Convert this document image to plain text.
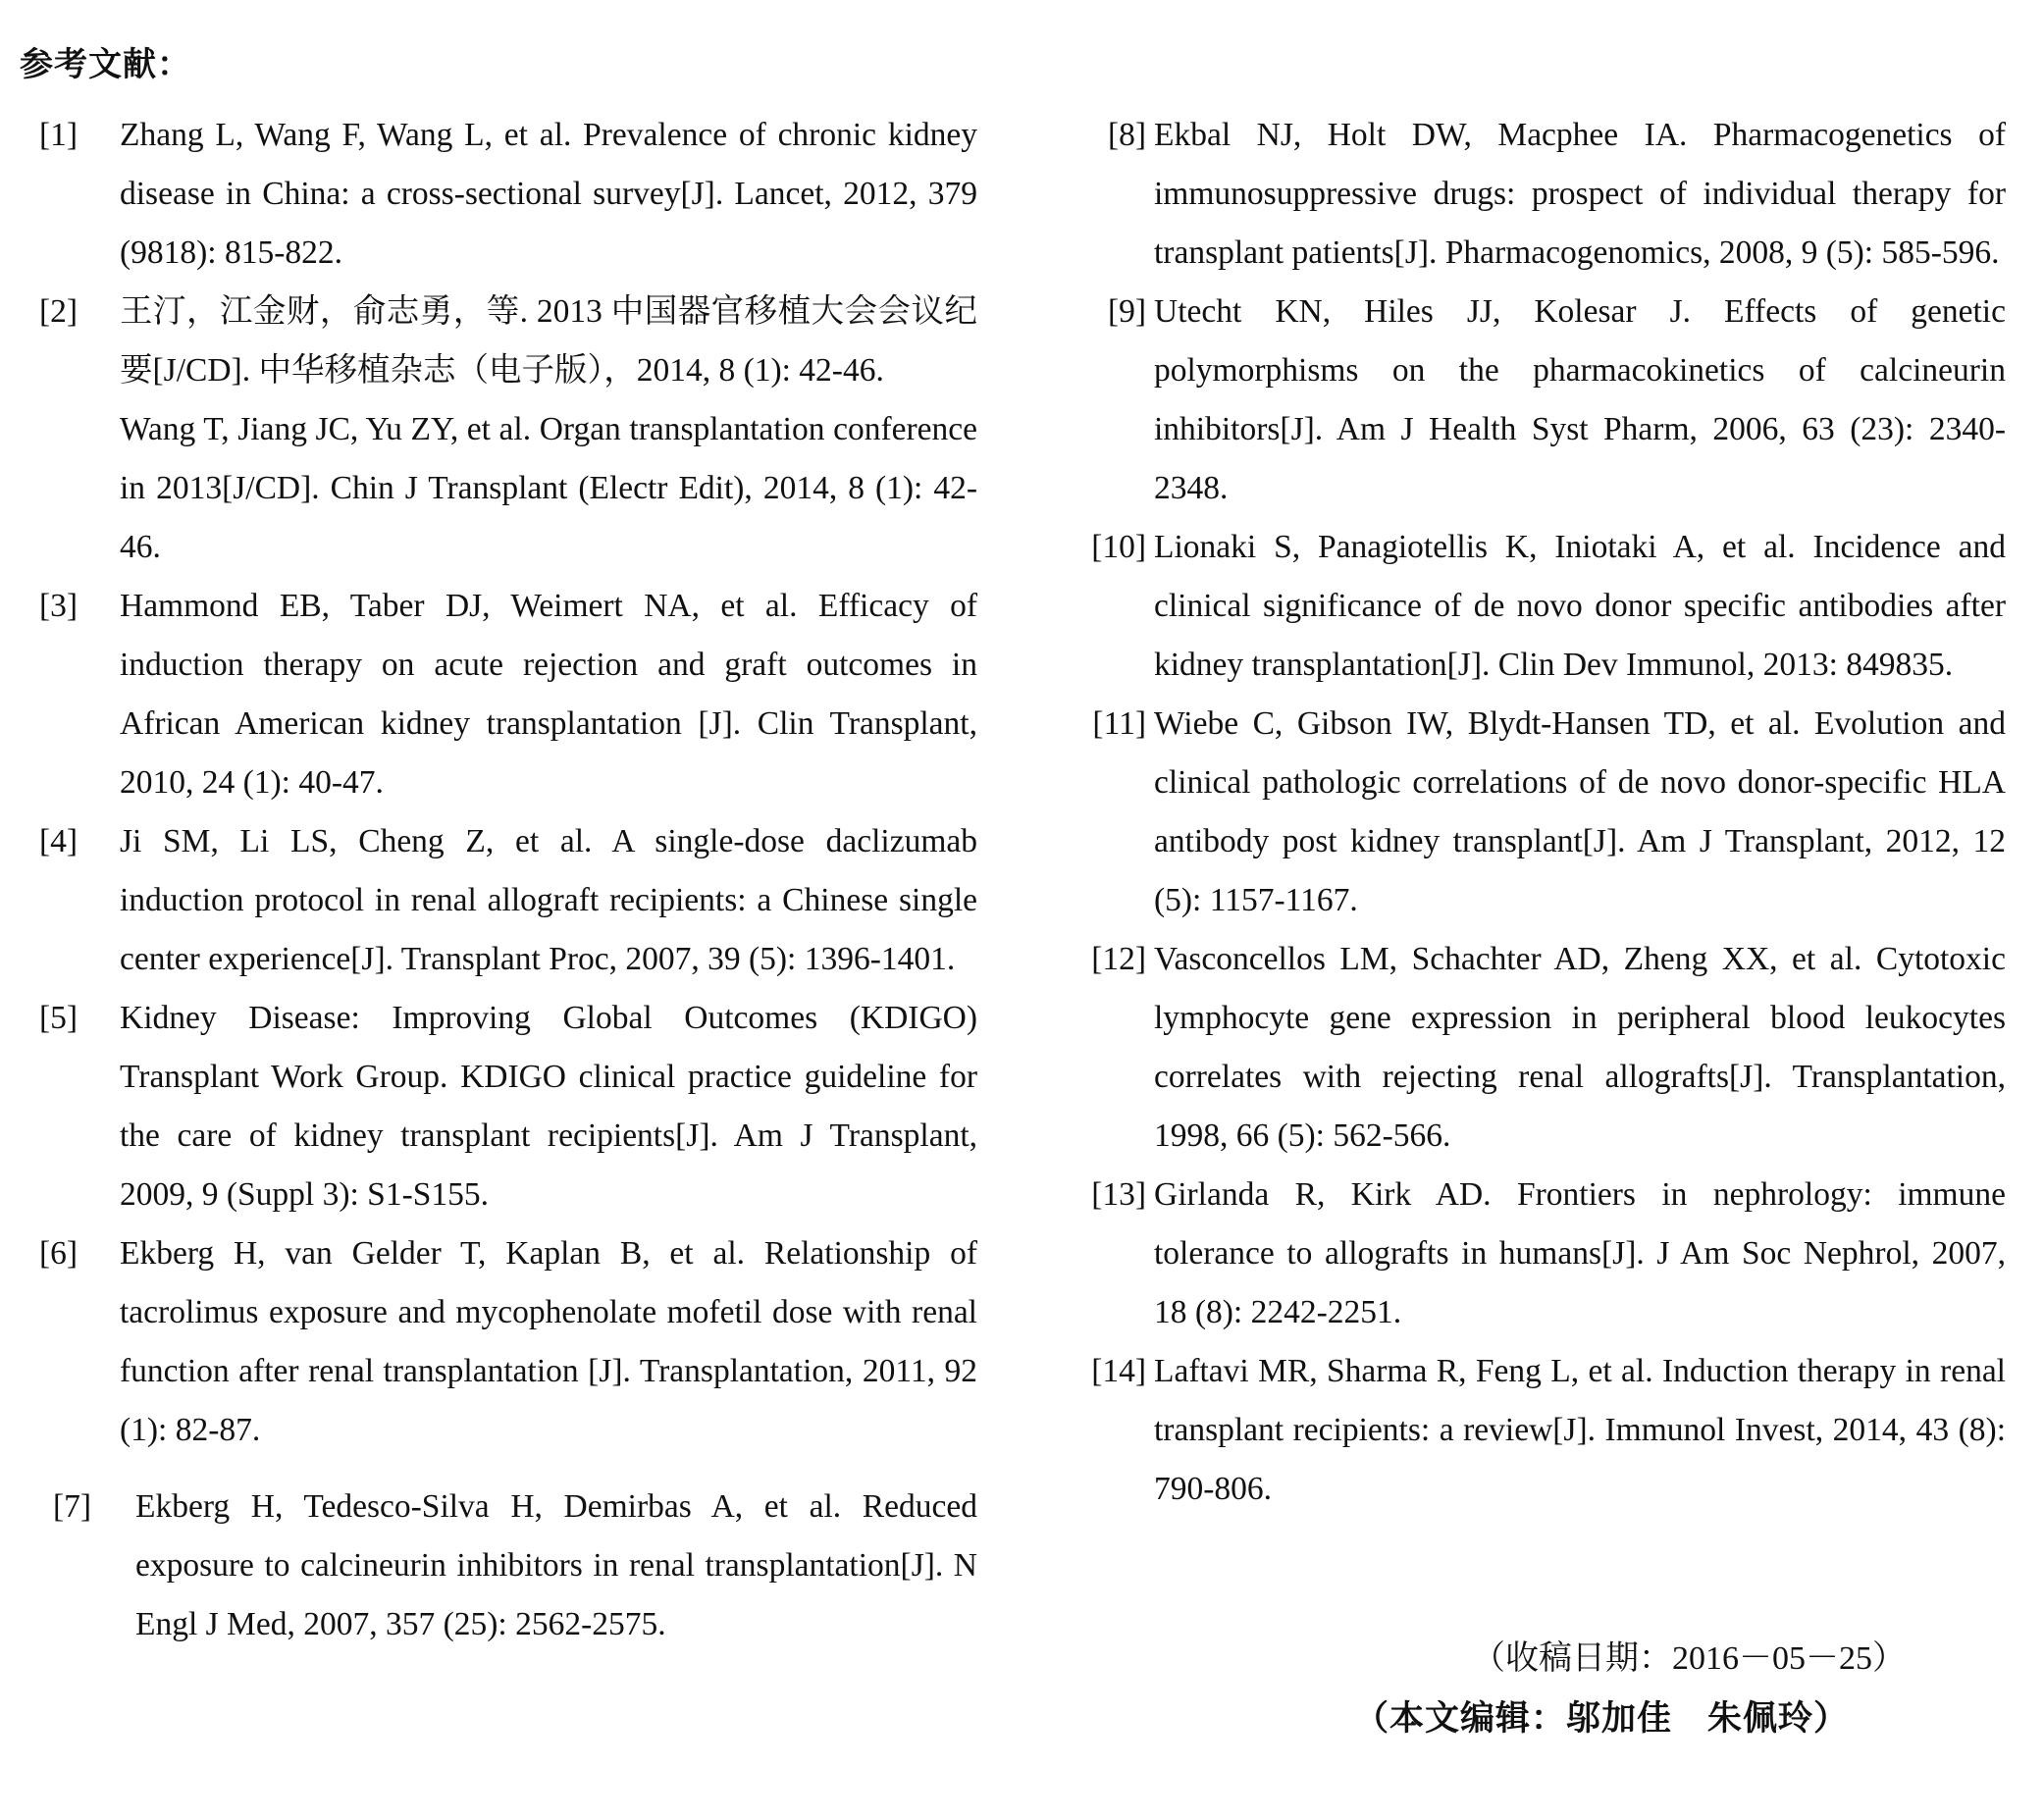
参考文献：
[1]	Zhang L, Wang F, Wang L, et al. Prevalence of chronic kidney disease in China: a cross-sectional survey[J]. Lancet, 2012, 379 (9818): 815-822.
[2]	王汀，江金财，俞志勇，等. 2013 中国器官移植大会会议纪要[J/CD]. 中华移植杂志（电子版），2014, 8 (1): 42-46.
Wang T, Jiang JC, Yu ZY, et al. Organ transplantation conference in 2013[J/CD]. Chin J Transplant (Electr Edit), 2014, 8 (1): 42-46.
[3]	Hammond EB, Taber DJ, Weimert NA, et al. Efficacy of induction therapy on acute rejection and graft outcomes in African American kidney transplantation [J]. Clin Transplant, 2010, 24 (1): 40-47.
[4]	Ji SM, Li LS, Cheng Z, et al. A single-dose daclizumab induction protocol in renal allograft recipients: a Chinese single center experience[J]. Transplant Proc, 2007, 39 (5): 1396-1401.
[5]	Kidney Disease: Improving Global Outcomes (KDIGO) Transplant Work Group. KDIGO clinical practice guideline for the care of kidney transplant recipients[J]. Am J Transplant, 2009, 9 (Suppl 3): S1-S155.
[6]	Ekberg H, van Gelder T, Kaplan B, et al. Relationship of tacrolimus exposure and mycophenolate mofetil dose with renal function after renal transplantation [J]. Transplantation, 2011, 92 (1): 82-87.
[7]	Ekberg H, Tedesco-Silva H, Demirbas A, et al. Reduced exposure to calcineurin inhibitors in renal transplantation[J]. N Engl J Med, 2007, 357 (25): 2562-2575.
[8] Ekbal NJ, Holt DW, Macphee IA. Pharmacogenetics of immunosuppressive drugs: prospect of individual therapy for transplant patients[J]. Pharmacogenomics, 2008, 9 (5): 585-596.
[9] Utecht KN, Hiles JJ, Kolesar J. Effects of genetic polymorphisms on the pharmacokinetics of calcineurin inhibitors[J]. Am J Health Syst Pharm, 2006, 63 (23): 2340-2348.
[10] Lionaki S, Panagiotellis K, Iniotaki A, et al. Incidence and clinical significance of de novo donor specific antibodies after kidney transplantation[J]. Clin Dev Immunol, 2013: 849835.
[11] Wiebe C, Gibson IW, Blydt-Hansen TD, et al. Evolution and clinical pathologic correlations of de novo donor-specific HLA antibody post kidney transplant[J]. Am J Transplant, 2012, 12 (5): 1157-1167.
[12] Vasconcellos LM, Schachter AD, Zheng XX, et al. Cytotoxic lymphocyte gene expression in peripheral blood leukocytes correlates with rejecting renal allografts[J]. Transplantation, 1998, 66 (5): 562-566.
[13] Girlanda R, Kirk AD. Frontiers in nephrology: immune tolerance to allografts in humans[J]. J Am Soc Nephrol, 2007, 18 (8): 2242-2251.
[14] Laftavi MR, Sharma R, Feng L, et al. Induction therapy in renal transplant recipients: a review[J]. Immunol Invest, 2014, 43 (8): 790-806.
（收稿日期：2016－05－25）
（本文编辑：邬加佳　朱佩玲）
